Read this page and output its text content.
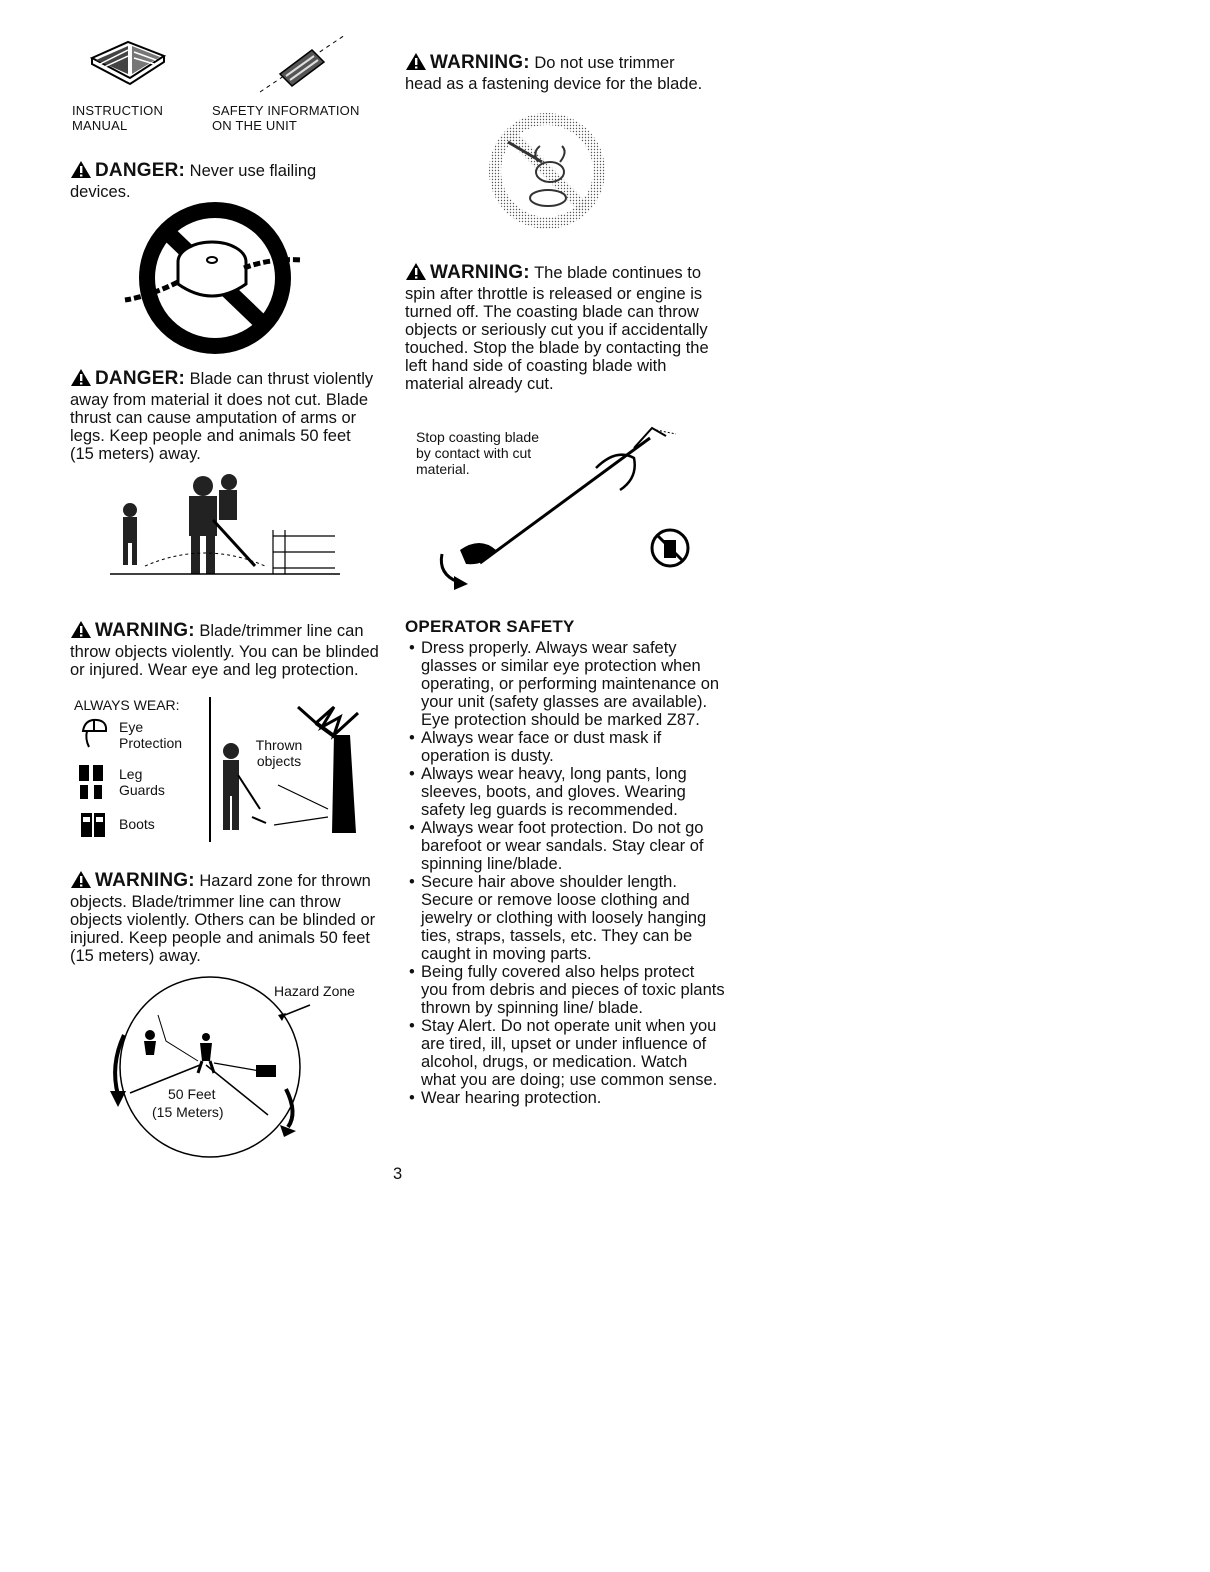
INSTRUCTION MANUAL
SAFETY INFORMATION ON THE UNIT
DANGER: Never use flailing devices.
DANGER: Blade can thrust violently away from material it does not cut. Blade thrust can cause amputation of arms or legs. Keep people and animals 50 feet (15 meters) away.
WARNING: Blade/trimmer line can throw objects violently. You can be blinded or injured. Wear eye and leg protection.
ALWAYS WEAR:
Eye Protection
Leg Guards
Boots
Thrown objects
WARNING: Hazard zone for thrown objects. Blade/trimmer line can throw objects violently. Others can be blinded or injured. Keep people and animals 50 feet (15 meters) away.
Hazard Zone
50 Feet
(15 Meters)
WARNING: Do not use trimmer head as a fastening device for the blade.
WARNING: The blade continues to spin after throttle is released or engine is turned off. The coasting blade can throw objects or seriously cut you if accidentally touched. Stop the blade by contacting the left hand side of coasting blade with material already cut.
Stop coasting blade by contact with cut material.
OPERATOR SAFETY
• Dress properly. Always wear safety glasses or similar eye protection when operating, or performing maintenance on your unit (safety glasses are available). Eye protection should be marked Z87.
• Always wear face or dust mask if operation is dusty.
• Always wear heavy, long pants, long sleeves, boots, and gloves. Wearing safety leg guards is recommended.
• Always wear foot protection. Do not go barefoot or wear sandals. Stay clear of spinning line/blade.
• Secure hair above shoulder length. Secure or remove loose clothing and jewelry or clothing with loosely hanging ties, straps, tassels, etc. They can be caught in moving parts.
• Being fully covered also helps protect you from debris and pieces of toxic plants thrown by spinning line/ blade.
• Stay Alert. Do not operate unit when you are tired, ill, upset or under influence of alcohol, drugs, or medication. Watch what you are doing; use common sense.
• Wear hearing protection.
3
